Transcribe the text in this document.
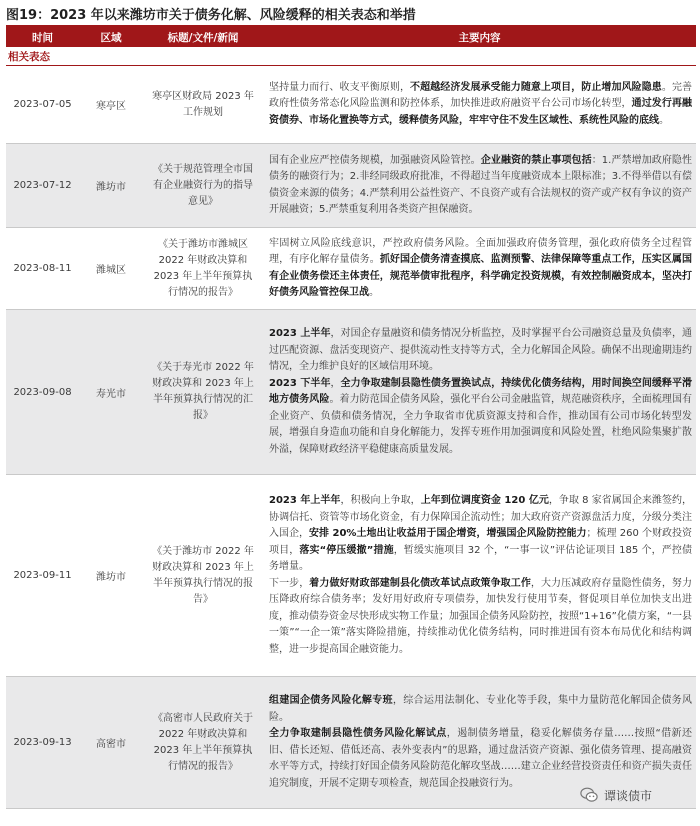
图19：2023 年以来潍坊市关于债务化解、风险缓释的相关表态和举措
时间	区域	标题/文件/新闻	主要内容
相关表态			
2023-07-05	寒亭区	寒亭区财政局 2023 年工作规划	坚持量力而行、收支平衡原则，不超越经济发展承受能力随意上项目，防止增加风险隐患。完善政府性债务常态化风险监测和防控体系，加快推进政府融资平台公司市场化转型，通过发行再融资债券、市场化置换等方式，缓释债务风险，牢牢守住不发生区域性、系统性风险的底线。

2023-07-12	潍坊市	《关于规范管理全市国有企业融资行为的指导意见》	国有企业应严控债务规模，加强融资风险管控。企业融资的禁止事项包括：1.严禁增加政府隐性债务的融资行为；2.非经同级政府批准，不得超过当年度融资成本上限标准；3.不得举借以有偿债资金来源的债务；4.严禁利用公益性资产、不良资产或有合法规权的资产或产权有争议的资产开展融资；5.严禁重复利用各类资产担保融资。

2023-08-11	潍城区	《关于潍坊市潍城区 2022 年财政决算和 2023 年上半年预算执行情况的报告》	牢固树立风险底线意识，严控政府债务风险。全面加强政府债务管理，强化政府债务全过程管理，有序化解存量债务。抓好国企债务清查摸底、监测预警、法律保障等重点工作，压实区属国有企业债务偿还主体责任，规范举债审批程序，科学确定投资规模，有效控制融资成本，坚决打好债务风险管控保卫战。

2023-09-08	寿光市	《关于寿光市 2022 年财政决算和 2023 年上半年预算执行情况的汇报》	2023 上半年，对国企存量融资和债务情况分析监控，及时掌握平台公司融资总量及负债率，通过匹配资源、盘活变现资产、提供流动性支持等方式，全力化解国企风险。确保不出现逾期违约情况，全力维护良好的区域信用环境。

2023 下半年，全力争取建制县隐性债务置换试点，持续优化债务结构，用时间换空间缓释平滑地方债务风险。着力防范国企债务风险，强化平台公司金融监管，规范融资秩序，全面梳理国有企业资产、负债和债务情况，全力争取省市优质资源支持和合作，推动国有公司市场化转型发展，增强自身造血功能和自身化解能力，发挥专班作用加强调度和风险处置，杜绝风险集聚扩散外溢，保障财政经济平稳健康高质量发展。

2023-09-11	潍坊市	《关于潍坊市 2022 年财政决算和 2023 年上半年预算执行情况的报告》	2023 年上半年，积极向上争取，上年到位调度资金 120 亿元，争取 8 家省属国企来潍签约，协调信托、资管等市场化资金，有力保障国企流动性；加大政府资产资源盘活力度，分级分类注入国企，安排 20%土地出让收益用于国企增资，增强国企风险防控能力；梳理 260 个财政投资项目，落实“停压缓撤”措施，暂缓实施项目 32 个，“一事一议”评估论证项目 185 个，严控债务增量。

下一步，着力做好财政部建制县化债改革试点政策争取工作，大力压减政府存量隐性债务，努力压降政府综合债务率；发好用好政府专项债券，加快发行使用节奏，督促项目单位加快支出进度，推动债券资金尽快形成实物工作量；加强国企债务风险防控，按照“1+16”化债方案，“一县一策”“一企一策”落实降险措施，持续推动优化债务结构，同时推进国有资本布局优化和结构调整，进一步提高国企融资能力。

2023-09-13	高密市	《高密市人民政府关于 2022 年财政决算和 2023 年上半年预算执行情况的报告》	组建国企债务风险化解专班，综合运用法制化、专业化等手段，集中力量防范化解国企债务风险。

全力争取建制县隐性债务风险化解试点，遏制债务增量，稳妥化解债务存量……按照“借新还旧、借长还短、借低还高、表外变表内”的思路，通过盘活资产资源、强化债务管理、提高融资水平等方式，持续打好国企债务风险防范化解攻坚战……建立企业经营投资责任和资产损失责任追究制度，开展不定期专项检查，规范国企投融资行为。

谭谈债市
